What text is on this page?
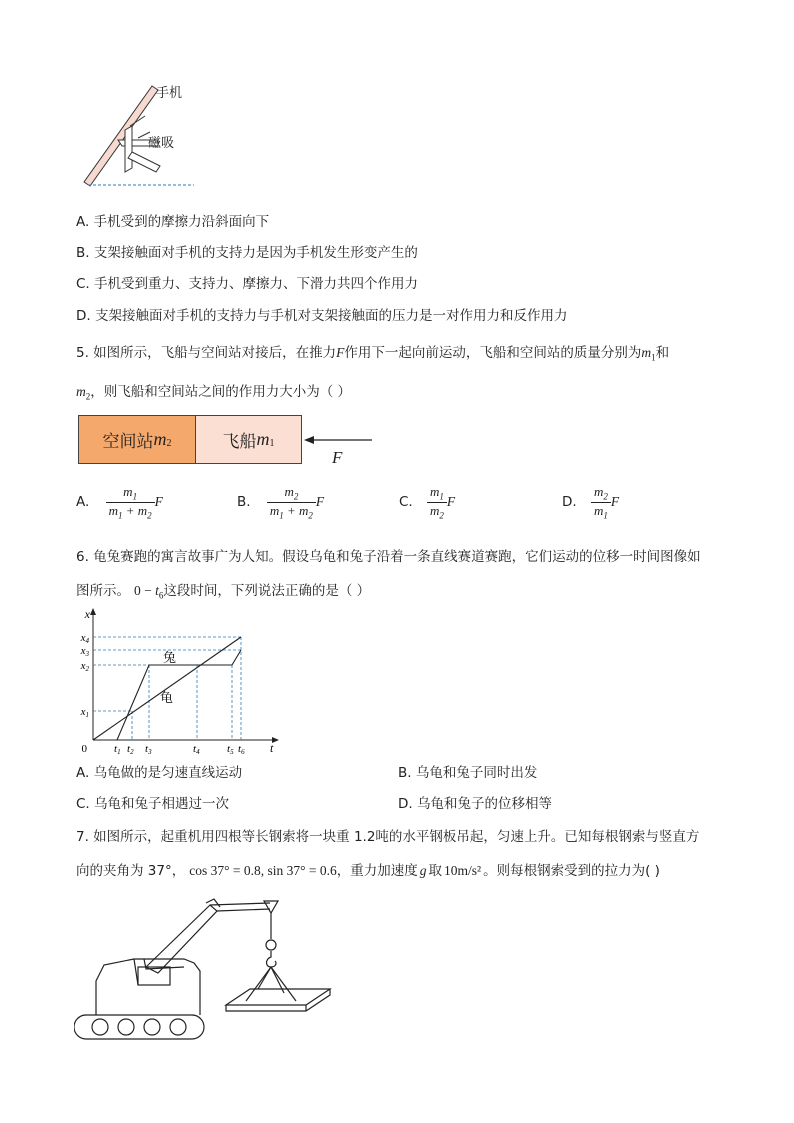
手机
磁吸
A. 手机受到的摩擦力沿斜面向下
B. 支架接触面对手机的支持力是因为手机发生形变产生的
C. 手机受到重力、支持力、摩擦力、下滑力共四个作用力
D. 支架接触面对手机的支持力与手机对支架接触面的压力是一对作用力和反作用力
5. 如图所示，飞船与空间站对接后，在推力F作用下一起向前运动，飞船和空间站的质量分别为$m_1$和
$m_2$，则飞船和空间站之间的作用力大小为（ ）
空间站 $m_2$	飞船 $m_1$
F
A. $\frac{m_1}{m_1 + m_2}$ F	B. $\frac{m_2}{m_1 + m_2}$ F	C. $\frac{m_1}{m_2}$ F	D. $\frac{m_2}{m_1}$ F
6. 龟兔赛跑的寓言故事广为人知。假设乌龟和兔子沿着一条直线赛道赛跑，它们运动的位移一时间图像如
图所示。 $0 - t_6$这段时间，下列说法正确的是（ ）
兔
龟
x
t
0
x1
x2
x3
x4
t1 t2 t3	t4 t5 t6
A. 乌龟做的是匀速直线运动	B. 乌龟和兔子同时出发
C. 乌龟和兔子相遇过一次	D. 乌龟和兔子的位移相等
7. 如图所示，起重机用四根等长钢索将一块重 1.2吨的水平钢板吊起，匀速上升。已知每根钢索与竖直方
向的夹角为 37°， cos 37° = 0.8, sin 37° = 0.6，重力加速度 g 取 10m/s² 。则每根钢索受到的拉力为( )
